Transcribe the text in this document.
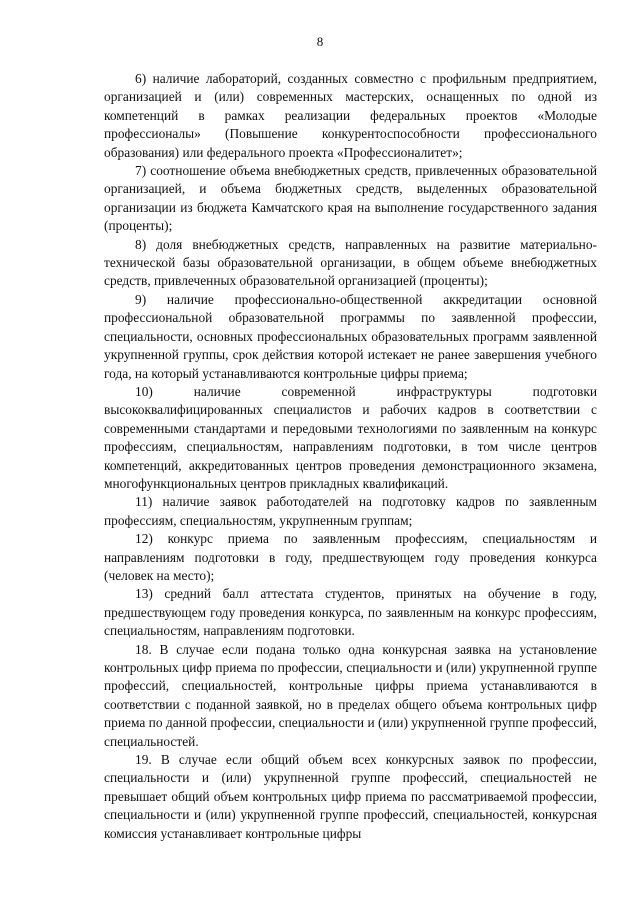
8

6) наличие лабораторий, созданных совместно с профильным предприятием, организацией и (или) современных мастерских, оснащенных по одной из компетенций в рамках реализации федеральных проектов «Молодые профессионалы» (Повышение конкурентоспособности профессионального образования) или федерального проекта «Профессионалитет»;

7) соотношение объема внебюджетных средств, привлеченных образовательной организацией, и объема бюджетных средств, выделенных образовательной организации из бюджета Камчатского края на выполнение государственного задания (проценты);

8) доля внебюджетных средств, направленных на развитие материально-технической базы образовательной организации, в общем объеме внебюджетных средств, привлеченных образовательной организацией (проценты);

9) наличие профессионально-общественной аккредитации основной профессиональной образовательной программы по заявленной профессии, специальности, основных профессиональных образовательных программ заявленной укрупненной группы, срок действия которой истекает не ранее завершения учебного года, на который устанавливаются контрольные цифры приема;

10) наличие современной инфраструктуры подготовки высококвалифицированных специалистов и рабочих кадров в соответствии с современными стандартами и передовыми технологиями по заявленным на конкурс профессиям, специальностям, направлениям подготовки, в том числе центров компетенций, аккредитованных центров проведения демонстрационного экзамена, многофункциональных центров прикладных квалификаций.

11) наличие заявок работодателей на подготовку кадров по заявленным профессиям, специальностям, укрупненным группам;

12) конкурс приема по заявленным профессиям, специальностям и направлениям подготовки в году, предшествующем году проведения конкурса (человек на место);

13) средний балл аттестата студентов, принятых на обучение в году, предшествующем году проведения конкурса, по заявленным на конкурс профессиям, специальностям, направлениям подготовки.

18. В случае если подана только одна конкурсная заявка на установление контрольных цифр приема по профессии, специальности и (или) укрупненной группе профессий, специальностей, контрольные цифры приема устанавливаются в соответствии с поданной заявкой, но в пределах общего объема контрольных цифр приема по данной профессии, специальности и (или) укрупненной группе профессий, специальностей.

19. В случае если общий объем всех конкурсных заявок по профессии, специальности и (или) укрупненной группе профессий, специальностей не превышает общий объем контрольных цифр приема по рассматриваемой профессии, специальности и (или) укрупненной группе профессий, специальностей, конкурсная комиссия устанавливает контрольные цифры
